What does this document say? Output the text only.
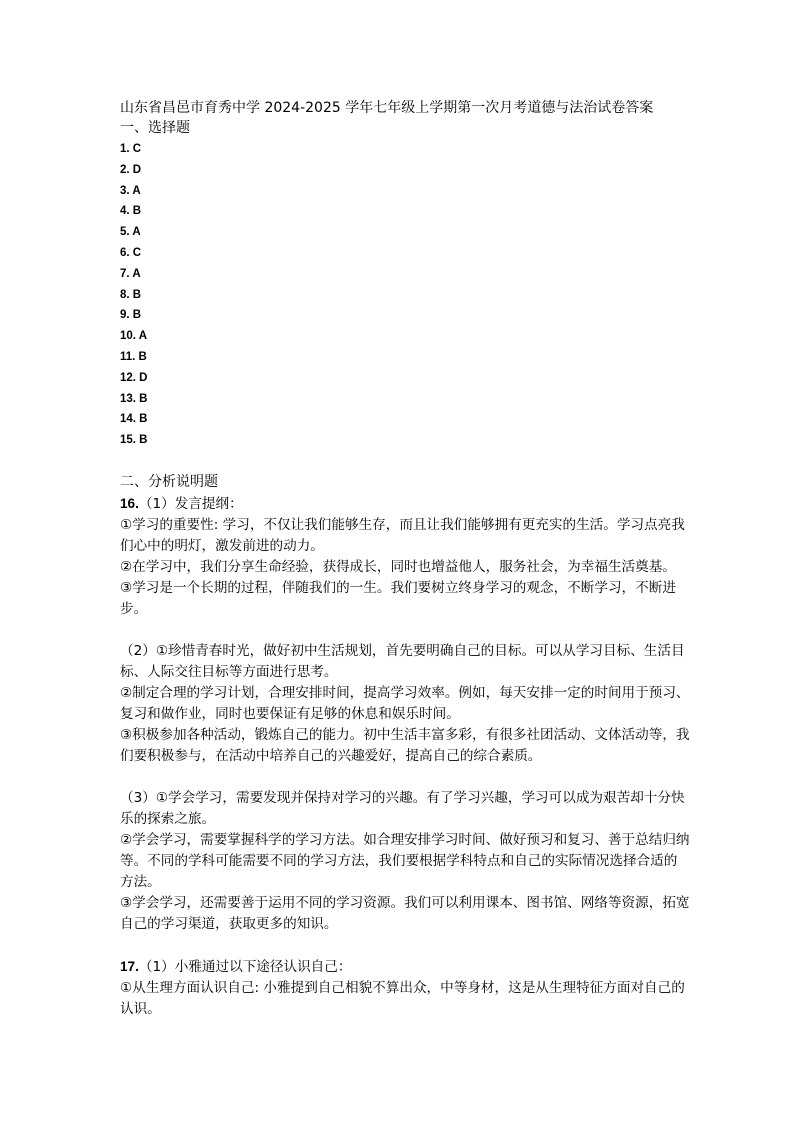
山东省昌邑市育秀中学 2024-2025 学年七年级上学期第一次月考道德与法治试卷答案
一、选择题
1. C
2. D
3. A
4. B
5. A
6. C
7. A
8. B
9. B
10. A
11. B
12. D
13. B
14. B
15. B
二、分析说明题

16.（1）发言提纲：

①学习的重要性: 学习，不仅让我们能够生存，而且让我们能够拥有更充实的生活。学习点亮我们心中的明灯，激发前进的动力。

②在学习中，我们分享生命经验，获得成长，同时也增益他人，服务社会，为幸福生活奠基。

③学习是一个长期的过程，伴随我们的一生。我们要树立终身学习的观念，不断学习，不断进步。

（2）①珍惜青春时光，做好初中生活规划，首先要明确自己的目标。可以从学习目标、生活目标、人际交往目标等方面进行思考。

②制定合理的学习计划，合理安排时间，提高学习效率。例如，每天安排一定的时间用于预习、复习和做作业，同时也要保证有足够的休息和娱乐时间。

③积极参加各种活动，锻炼自己的能力。初中生活丰富多彩，有很多社团活动、文体活动等，我们要积极参与，在活动中培养自己的兴趣爱好，提高自己的综合素质。

（3）①学会学习，需要发现并保持对学习的兴趣。有了学习兴趣，学习可以成为艰苦却十分快乐的探索之旅。

②学会学习，需要掌握科学的学习方法。如合理安排学习时间、做好预习和复习、善于总结归纳等。不同的学科可能需要不同的学习方法，我们要根据学科特点和自己的实际情况选择合适的方法。

③学会学习，还需要善于运用不同的学习资源。我们可以利用课本、图书馆、网络等资源，拓宽自己的学习渠道，获取更多的知识。

17.（1）小雅通过以下途径认识自己：

①从生理方面认识自己: 小雅提到自己相貌不算出众，中等身材，这是从生理特征方面对自己的认识。
